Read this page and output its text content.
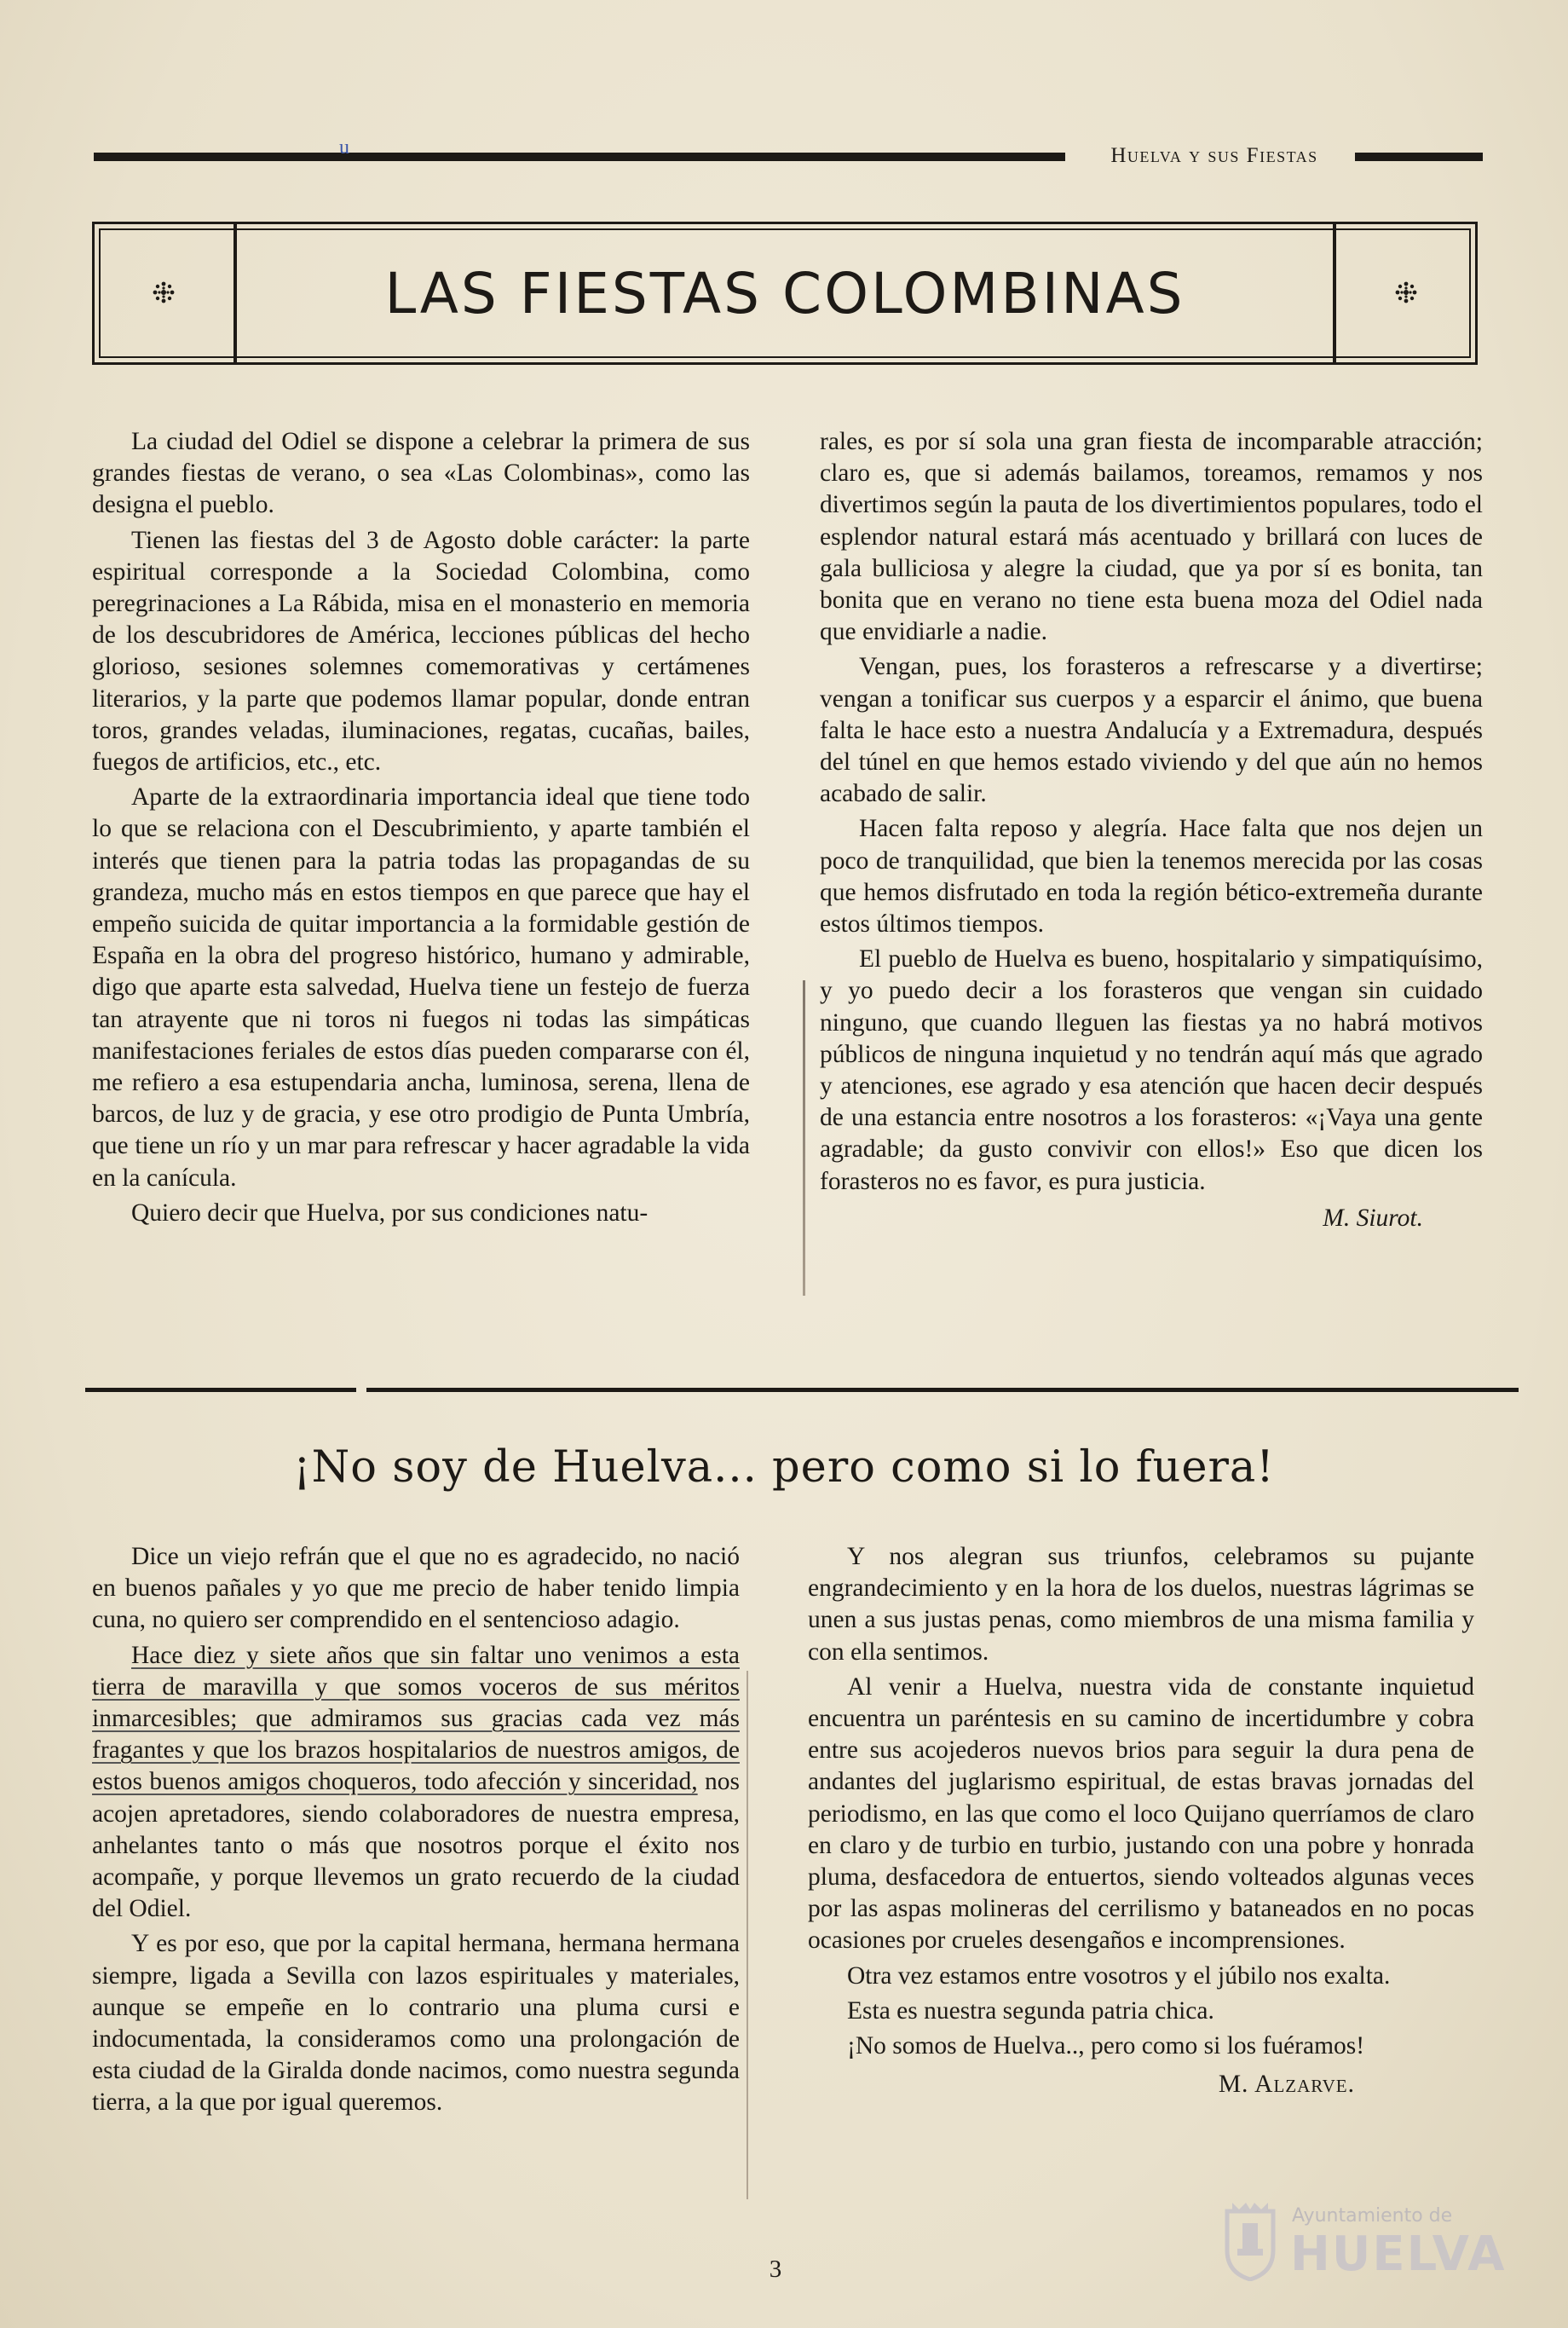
Huelva y sus Fiestas
u
LAS FIESTAS COLOMBINAS

La ciudad del Odiel se dispone a celebrar la primera de sus grandes fiestas de verano, o sea «Las Colombinas», como las designa el pueblo.

Tienen las fiestas del 3 de Agosto doble carácter: la parte espiritual corresponde a la Sociedad Colombina, como peregrinaciones a La Rábida, misa en el monasterio en memoria de los descubridores de América, lecciones públicas del hecho glorioso, sesiones solemnes comemorativas y certámenes literarios, y la parte que podemos llamar popular, donde entran toros, grandes veladas, iluminaciones, regatas, cucañas, bailes, fuegos de artificios, etc., etc.

Aparte de la extraordinaria importancia ideal que tiene todo lo que se relaciona con el Descubrimiento, y aparte también el interés que tienen para la patria todas las propagandas de su grandeza, mucho más en estos tiempos en que parece que hay el empeño suicida de quitar importancia a la formidable gestión de España en la obra del progreso histórico, humano y admirable, digo que aparte esta salvedad, Huelva tiene un festejo de fuerza tan atrayente que ni toros ni fuegos ni todas las simpáticas manifestaciones feriales de estos días pueden compararse con él, me refiero a esa estupendaria ancha, luminosa, serena, llena de barcos, de luz y de gracia, y ese otro prodigio de Punta Umbría, que tiene un río y un mar para refrescar y hacer agradable la vida en la canícula.

Quiero decir que Huelva, por sus condiciones natu-

rales, es por sí sola una gran fiesta de incomparable atracción; claro es, que si además bailamos, toreamos, remamos y nos divertimos según la pauta de los divertimientos populares, todo el esplendor natural estará más acentuado y brillará con luces de gala bulliciosa y alegre la ciudad, que ya por sí es bonita, tan bonita que en verano no tiene esta buena moza del Odiel nada que envidiarle a nadie.

Vengan, pues, los forasteros a refrescarse y a divertirse; vengan a tonificar sus cuerpos y a esparcir el ánimo, que buena falta le hace esto a nuestra Andalucía y a Extremadura, después del túnel en que hemos estado viviendo y del que aún no hemos acabado de salir.

Hacen falta reposo y alegría. Hace falta que nos dejen un poco de tranquilidad, que bien la tenemos merecida por las cosas que hemos disfrutado en toda la región bético-extremeña durante estos últimos tiempos.

El pueblo de Huelva es bueno, hospitalario y simpatiquísimo, y yo puedo decir a los forasteros que vengan sin cuidado ninguno, que cuando lleguen las fiestas ya no habrá motivos públicos de ninguna inquietud y no tendrán aquí más que agrado y atenciones, ese agrado y esa atención que hacen decir después de una estancia entre nosotros a los forasteros: «¡Vaya una gente agradable; da gusto convivir con ellos!» Eso que dicen los forasteros no es favor, es pura justicia.

M. Siurot.
¡No soy de Huelva... pero como si lo fuera!

Dice un viejo refrán que el que no es agradecido, no nació en buenos pañales y yo que me precio de haber tenido limpia cuna, no quiero ser comprendido en el sentencioso adagio.

Hace diez y siete años que sin faltar uno venimos a esta tierra de maravilla y que somos voceros de sus méritos inmarcesibles; que admiramos sus gracias cada vez más fragantes y que los brazos hospitalarios de nuestros amigos, de estos buenos amigos choqueros, todo afección y sinceridad, nos acojen apretadores, siendo colaboradores de nuestra empresa, anhelantes tanto o más que nosotros porque el éxito nos acompañe, y porque llevemos un grato recuerdo de la ciudad del Odiel.

Y es por eso, que por la capital hermana, hermana hermana siempre, ligada a Sevilla con lazos espirituales y materiales, aunque se empeñe en lo contrario una pluma cursi e indocumentada, la consideramos como una prolongación de esta ciudad de la Giralda donde nacimos, como nuestra segunda tierra, a la que por igual queremos.

Y nos alegran sus triunfos, celebramos su pujante engrandecimiento y en la hora de los duelos, nuestras lágrimas se unen a sus justas penas, como miembros de una misma familia y con ella sentimos.

Al venir a Huelva, nuestra vida de constante inquietud encuentra un paréntesis en su camino de incertidumbre y cobra entre sus acojederos nuevos brios para seguir la dura pena de andantes del juglarismo espiritual, de estas bravas jornadas del periodismo, en las que como el loco Quijano querríamos de claro en claro y de turbio en turbio, justando con una pobre y honrada pluma, desfacedora de entuertos, siendo volteados algunas veces por las aspas molineras del cerrilismo y bataneados en no pocas ocasiones por crueles desengaños e incomprensiones.

Otra vez estamos entre vosotros y el júbilo nos exalta.

Esta es nuestra segunda patria chica.

¡No somos de Huelva.., pero como si los fuéramos!

M. Alzarve.
3
Ayuntamiento de
HUELVA
